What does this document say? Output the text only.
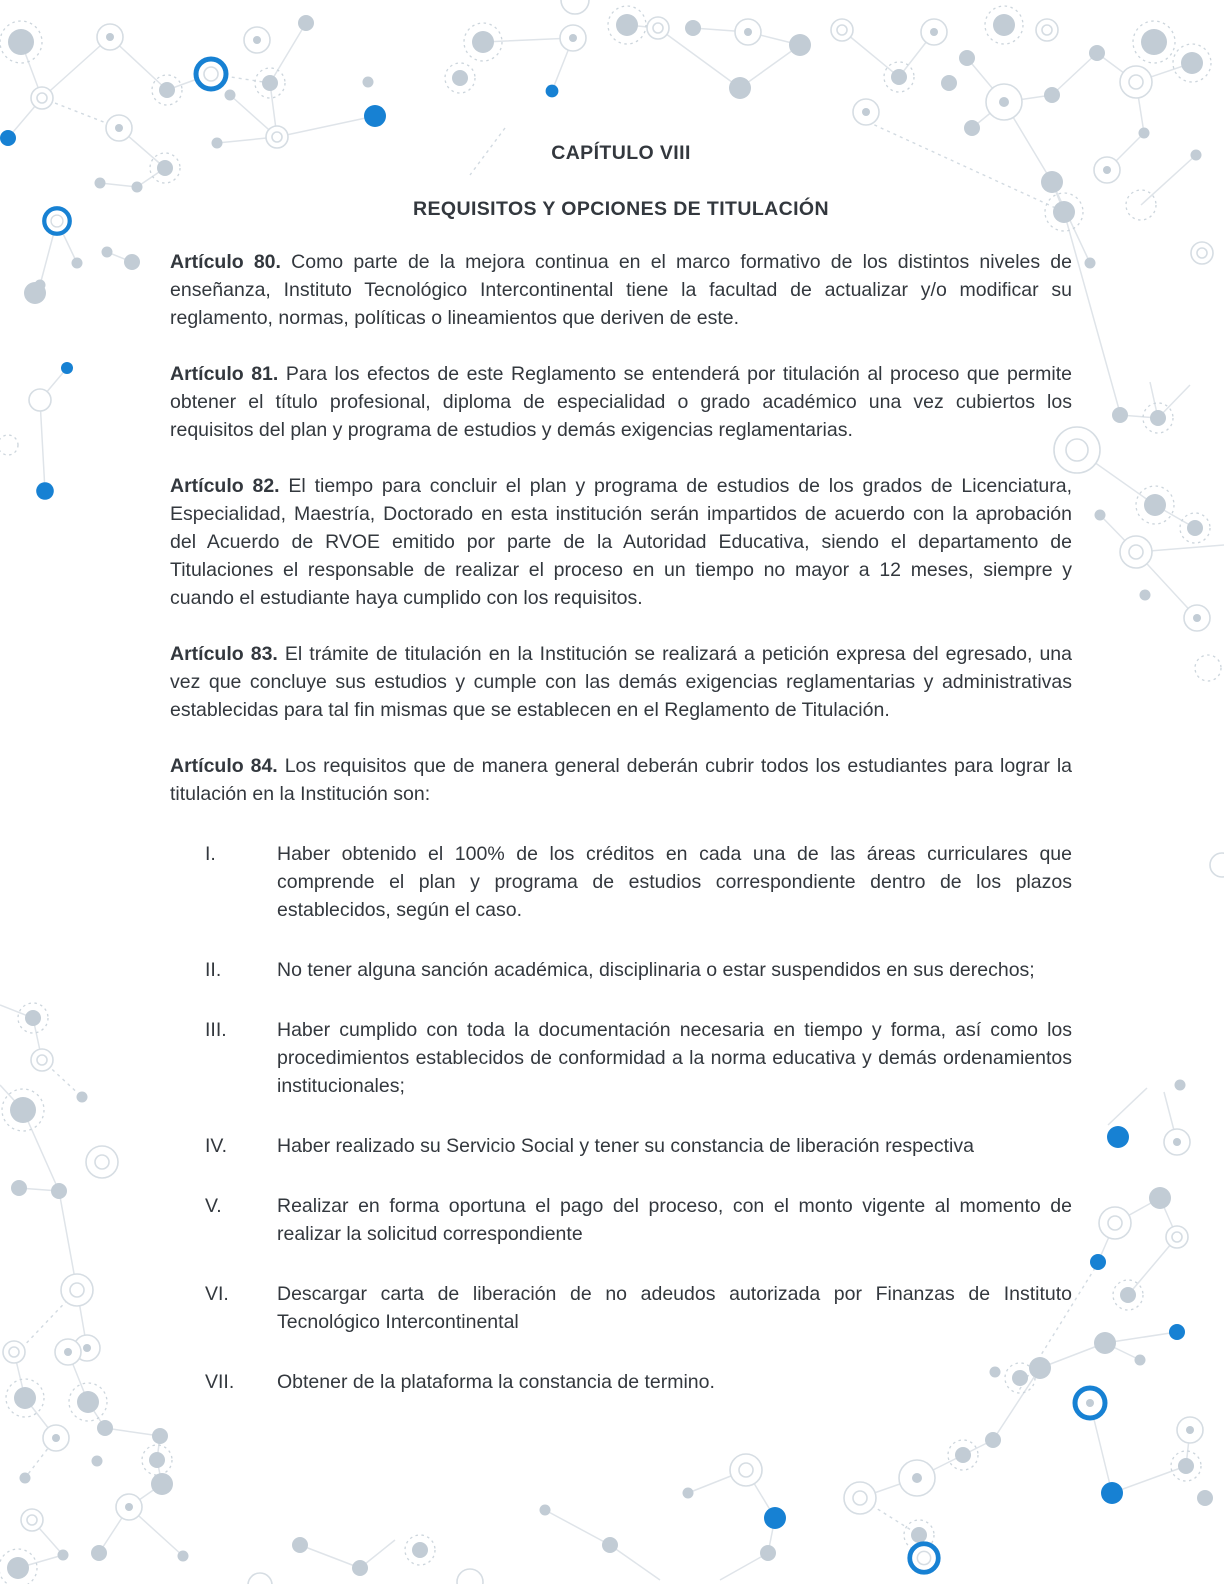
CAPÍTULO VIII
REQUISITOS Y OPCIONES DE TITULACIÓN

Artículo 80. Como parte de la mejora continua en el marco formativo de los distintos niveles de enseñanza, Instituto Tecnológico Intercontinental tiene la facultad de actualizar y/o modificar su reglamento, normas, políticas o lineamientos que deriven de este.

Artículo 81. Para los efectos de este Reglamento se entenderá por titulación al proceso que permite obtener el título profesional, diploma de especialidad o grado académico una vez cubiertos los requisitos del plan y programa de estudios y demás exigencias reglamentarias.

Artículo 82. El tiempo para concluir el plan y programa de estudios de los grados de Licenciatura, Especialidad, Maestría, Doctorado en esta institución serán impartidos de acuerdo con la aprobación del Acuerdo de RVOE emitido por parte de la Autoridad Educativa, siendo el departamento de Titulaciones el responsable de realizar el proceso en un tiempo no mayor a 12 meses, siempre y cuando el estudiante haya cumplido con los requisitos.

Artículo 83. El trámite de titulación en la Institución se realizará a petición expresa del egresado, una vez que concluye sus estudios y cumple con las demás exigencias reglamentarias y administrativas establecidas para tal fin mismas que se establecen en el Reglamento de Titulación.

Artículo 84. Los requisitos que de manera general deberán cubrir todos los estudiantes para lograr la titulación en la Institución son:

I.	Haber obtenido el 100% de los créditos en cada una de las áreas curriculares que comprende el plan y programa de estudios correspondiente dentro de los plazos establecidos, según el caso.
II.	No tener alguna sanción académica, disciplinaria o estar suspendidos en sus derechos;
III.	Haber cumplido con toda la documentación necesaria en tiempo y forma, así como los procedimientos establecidos de conformidad a la norma educativa y demás ordenamientos institucionales;
IV.	Haber realizado su Servicio Social y tener su constancia de liberación respectiva
V.	Realizar en forma oportuna el pago del proceso, con el monto vigente al momento de realizar la solicitud correspondiente
VI.	Descargar carta de liberación de no adeudos autorizada por Finanzas de Instituto Tecnológico Intercontinental
VII.	Obtener de la plataforma la constancia de termino.
